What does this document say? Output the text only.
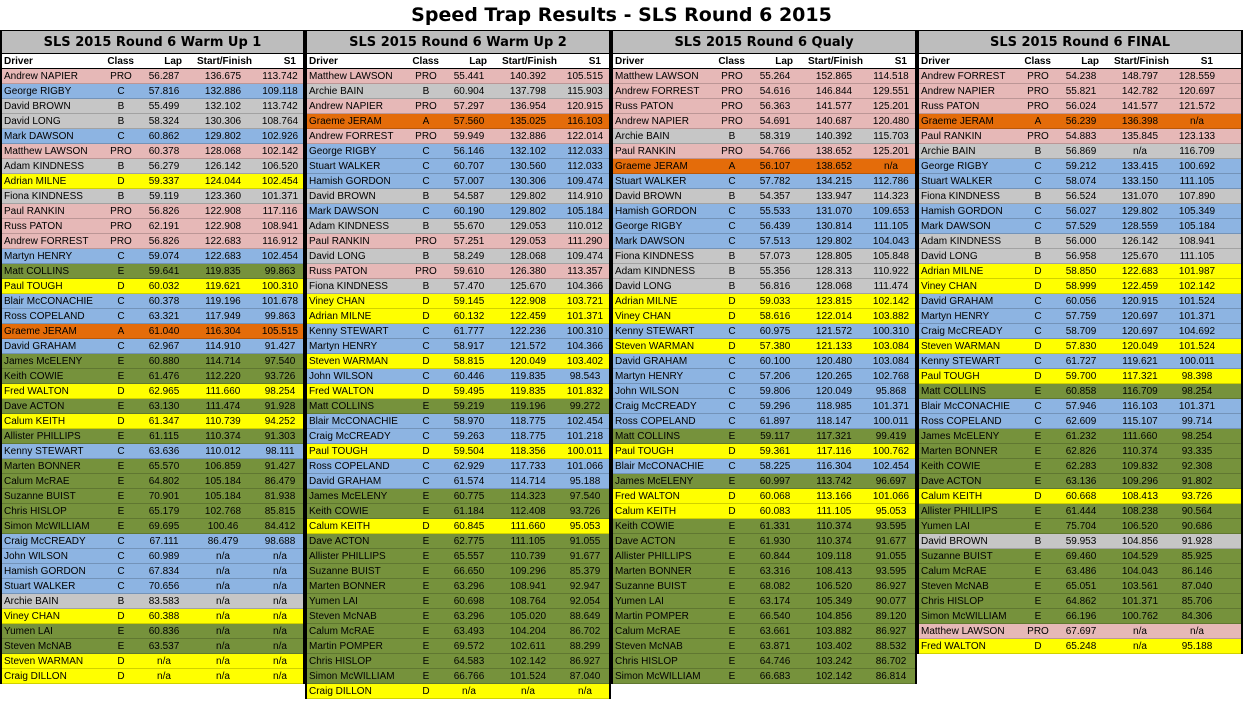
Speed Trap Results - SLS Round 6 2015
SLS 2015 Round 6 Warm Up 1
Driver	Class	Lap	Start/Finish	S1
Andrew NAPIER	PRO	56.287	136.675	113.742
George RIGBY	C	57.816	132.886	109.118
David BROWN	B	55.499	132.102	113.742
David LONG	B	58.324	130.306	108.764
Mark DAWSON	C	60.862	129.802	102.926
Matthew LAWSON	PRO	60.378	128.068	102.142
Adam KINDNESS	B	56.279	126.142	106.520
Adrian MILNE	D	59.337	124.044	102.454
Fiona KINDNESS	B	59.119	123.360	101.371
Paul RANKIN	PRO	56.826	122.908	117.116
Russ PATON	PRO	62.191	122.908	108.941
Andrew FORREST	PRO	56.826	122.683	116.912
Martyn HENRY	C	59.074	122.683	102.454
Matt COLLINS	E	59.641	119.835	99.863
Paul TOUGH	D	60.032	119.621	100.310
Blair McCONACHIE	C	60.378	119.196	101.678
Ross COPELAND	C	63.321	117.949	99.863
Graeme JERAM	A	61.040	116.304	105.515
David GRAHAM	C	62.967	114.910	91.427
James McELENY	E	60.880	114.714	97.540
Keith COWIE	E	61.476	112.220	93.726
Fred WALTON	D	62.965	111.660	98.254
Dave ACTON	E	63.130	111.474	91.928
Calum KEITH	D	61.347	110.739	94.252
Allister PHILLIPS	E	61.115	110.374	91.303
Kenny STEWART	C	63.636	110.012	98.111
Marten BONNER	E	65.570	106.859	91.427
Calum McRAE	E	64.802	105.184	86.479
Suzanne BUIST	E	70.901	105.184	81.938
Chris HISLOP	E	65.179	102.768	85.815
Simon McWILLIAM	E	69.695	100.46	84.412
Craig McCREADY	C	67.111	86.479	98.688
John WILSON	C	60.989	n/a	n/a
Hamish GORDON	C	67.834	n/a	n/a
Stuart WALKER	C	70.656	n/a	n/a
Archie BAIN	B	83.583	n/a	n/a
Viney CHAN	D	60.388	n/a	n/a
Yumen LAI	E	60.836	n/a	n/a
Steven McNAB	E	63.537	n/a	n/a
Steven WARMAN	D	n/a	n/a	n/a
Craig DILLON	D	n/a	n/a	n/a
SLS 2015 Round 6 Warm Up 2
Driver	Class	Lap	Start/Finish	S1
Matthew LAWSON	PRO	55.441	140.392	105.515
Archie BAIN	B	60.904	137.798	115.903
Andrew NAPIER	PRO	57.297	136.954	120.915
Graeme JERAM	A	57.560	135.025	116.103
Andrew FORREST	PRO	59.949	132.886	122.014
George RIGBY	C	56.146	132.102	112.033
Stuart WALKER	C	60.707	130.560	112.033
Hamish GORDON	C	57.007	130.306	109.474
David BROWN	B	54.587	129.802	114.910
Mark DAWSON	C	60.190	129.802	105.184
Adam KINDNESS	B	55.670	129.053	110.012
Paul RANKIN	PRO	57.251	129.053	111.290
David LONG	B	58.249	128.068	109.474
Russ PATON	PRO	59.610	126.380	113.357
Fiona KINDNESS	B	57.470	125.670	104.366
Viney CHAN	D	59.145	122.908	103.721
Adrian MILNE	D	60.132	122.459	101.371
Kenny STEWART	C	61.777	122.236	100.310
Martyn HENRY	C	58.917	121.572	104.366
Steven WARMAN	D	58.815	120.049	103.402
John WILSON	C	60.446	119.835	98.543
Fred WALTON	D	59.495	119.835	101.832
Matt COLLINS	E	59.219	119.196	99.272
Blair McCONACHIE	C	58.970	118.775	102.454
Craig McCREADY	C	59.263	118.775	101.218
Paul TOUGH	D	59.504	118.356	100.011
Ross COPELAND	C	62.929	117.733	101.066
David GRAHAM	C	61.574	114.714	95.188
James McELENY	E	60.775	114.323	97.540
Keith COWIE	E	61.184	112.408	93.726
Calum KEITH	D	60.845	111.660	95.053
Dave ACTON	E	62.775	111.105	91.055
Allister PHILLIPS	E	65.557	110.739	91.677
Suzanne BUIST	E	66.650	109.296	85.379
Marten BONNER	E	63.296	108.941	92.947
Yumen LAI	E	60.698	108.764	92.054
Steven McNAB	E	63.296	105.020	88.649
Calum McRAE	E	63.493	104.204	86.702
Martin POMPER	E	69.572	102.611	88.299
Chris HISLOP	E	64.583	102.142	86.927
Simon McWILLIAM	E	66.766	101.524	87.040
Craig DILLON	D	n/a	n/a	n/a
SLS 2015 Round 6 Qualy
Driver	Class	Lap	Start/Finish	S1
Matthew LAWSON	PRO	55.264	152.865	114.518
Andrew FORREST	PRO	54.616	146.844	129.551
Russ PATON	PRO	56.363	141.577	125.201
Andrew NAPIER	PRO	54.691	140.687	120.480
Archie BAIN	B	58.319	140.392	115.703
Paul RANKIN	PRO	54.766	138.652	125.201
Graeme JERAM	A	56.107	138.652	n/a
Stuart WALKER	C	57.782	134.215	112.786
David BROWN	B	54.357	133.947	114.323
Hamish GORDON	C	55.533	131.070	109.653
George RIGBY	C	56.439	130.814	111.105
Mark DAWSON	C	57.513	129.802	104.043
Fiona KINDNESS	B	57.073	128.805	105.848
Adam KINDNESS	B	55.356	128.313	110.922
David LONG	B	56.816	128.068	111.474
Adrian MILNE	D	59.033	123.815	102.142
Viney CHAN	D	58.616	122.014	103.882
Kenny STEWART	C	60.975	121.572	100.310
Steven WARMAN	D	57.380	121.133	103.084
David GRAHAM	C	60.100	120.480	103.084
Martyn HENRY	C	57.206	120.265	102.768
John WILSON	C	59.806	120.049	95.868
Craig McCREADY	C	59.296	118.985	101.371
Ross COPELAND	C	61.897	118.147	100.011
Matt COLLINS	E	59.117	117.321	99.419
Paul TOUGH	D	59.361	117.116	100.762
Blair McCONACHIE	C	58.225	116.304	102.454
James McELENY	E	60.997	113.742	96.697
Fred WALTON	D	60.068	113.166	101.066
Calum KEITH	D	60.083	111.105	95.053
Keith COWIE	E	61.331	110.374	93.595
Dave ACTON	E	61.930	110.374	91.677
Allister PHILLIPS	E	60.844	109.118	91.055
Marten BONNER	E	63.316	108.413	93.595
Suzanne BUIST	E	68.082	106.520	86.927
Yumen LAI	E	63.174	105.349	90.077
Martin POMPER	E	66.540	104.856	89.120
Calum McRAE	E	63.661	103.882	86.927
Steven McNAB	E	63.871	103.402	88.532
Chris HISLOP	E	64.746	103.242	86.702
Simon McWILLIAM	E	66.683	102.142	86.814
SLS 2015 Round 6 FINAL
Driver	Class	Lap	Start/Finish	S1
Andrew FORREST	PRO	54.238	148.797	128.559
Andrew NAPIER	PRO	55.821	142.782	120.697
Russ PATON	PRO	56.024	141.577	121.572
Graeme JERAM	A	56.239	136.398	n/a
Paul RANKIN	PRO	54.883	135.845	123.133
Archie BAIN	B	56.869	n/a	116.709
George RIGBY	C	59.212	133.415	100.692
Stuart WALKER	C	58.074	133.150	111.105
Fiona KINDNESS	B	56.524	131.070	107.890
Hamish GORDON	C	56.027	129.802	105.349
Mark DAWSON	C	57.529	128.559	105.184
Adam KINDNESS	B	56.000	126.142	108.941
David LONG	B	56.958	125.670	111.105
Adrian MILNE	D	58.850	122.683	101.987
Viney CHAN	D	58.999	122.459	102.142
David GRAHAM	C	60.056	120.915	101.524
Martyn HENRY	C	57.759	120.697	101.371
Craig McCREADY	C	58.709	120.697	104.692
Steven WARMAN	D	57.830	120.049	101.524
Kenny STEWART	C	61.727	119.621	100.011
Paul TOUGH	D	59.700	117.321	98.398
Matt COLLINS	E	60.858	116.709	98.254
Blair McCONACHIE	C	57.946	116.103	101.371
Ross COPELAND	C	62.609	115.107	99.714
James McELENY	E	61.232	111.660	98.254
Marten BONNER	E	62.826	110.374	93.335
Keith COWIE	E	62.283	109.832	92.308
Dave ACTON	E	63.136	109.296	91.802
Calum KEITH	D	60.668	108.413	93.726
Allister PHILLIPS	E	61.444	108.238	90.564
Yumen LAI	E	75.704	106.520	90.686
David BROWN	B	59.953	104.856	91.928
Suzanne BUIST	E	69.460	104.529	85.925
Calum McRAE	E	63.486	104.043	86.146
Steven McNAB	E	65.051	103.561	87.040
Chris HISLOP	E	64.862	101.371	85.706
Simon McWILLIAM	E	66.196	100.762	84.306
Matthew LAWSON	PRO	67.697	n/a	n/a
Fred WALTON	D	65.248	n/a	95.188
